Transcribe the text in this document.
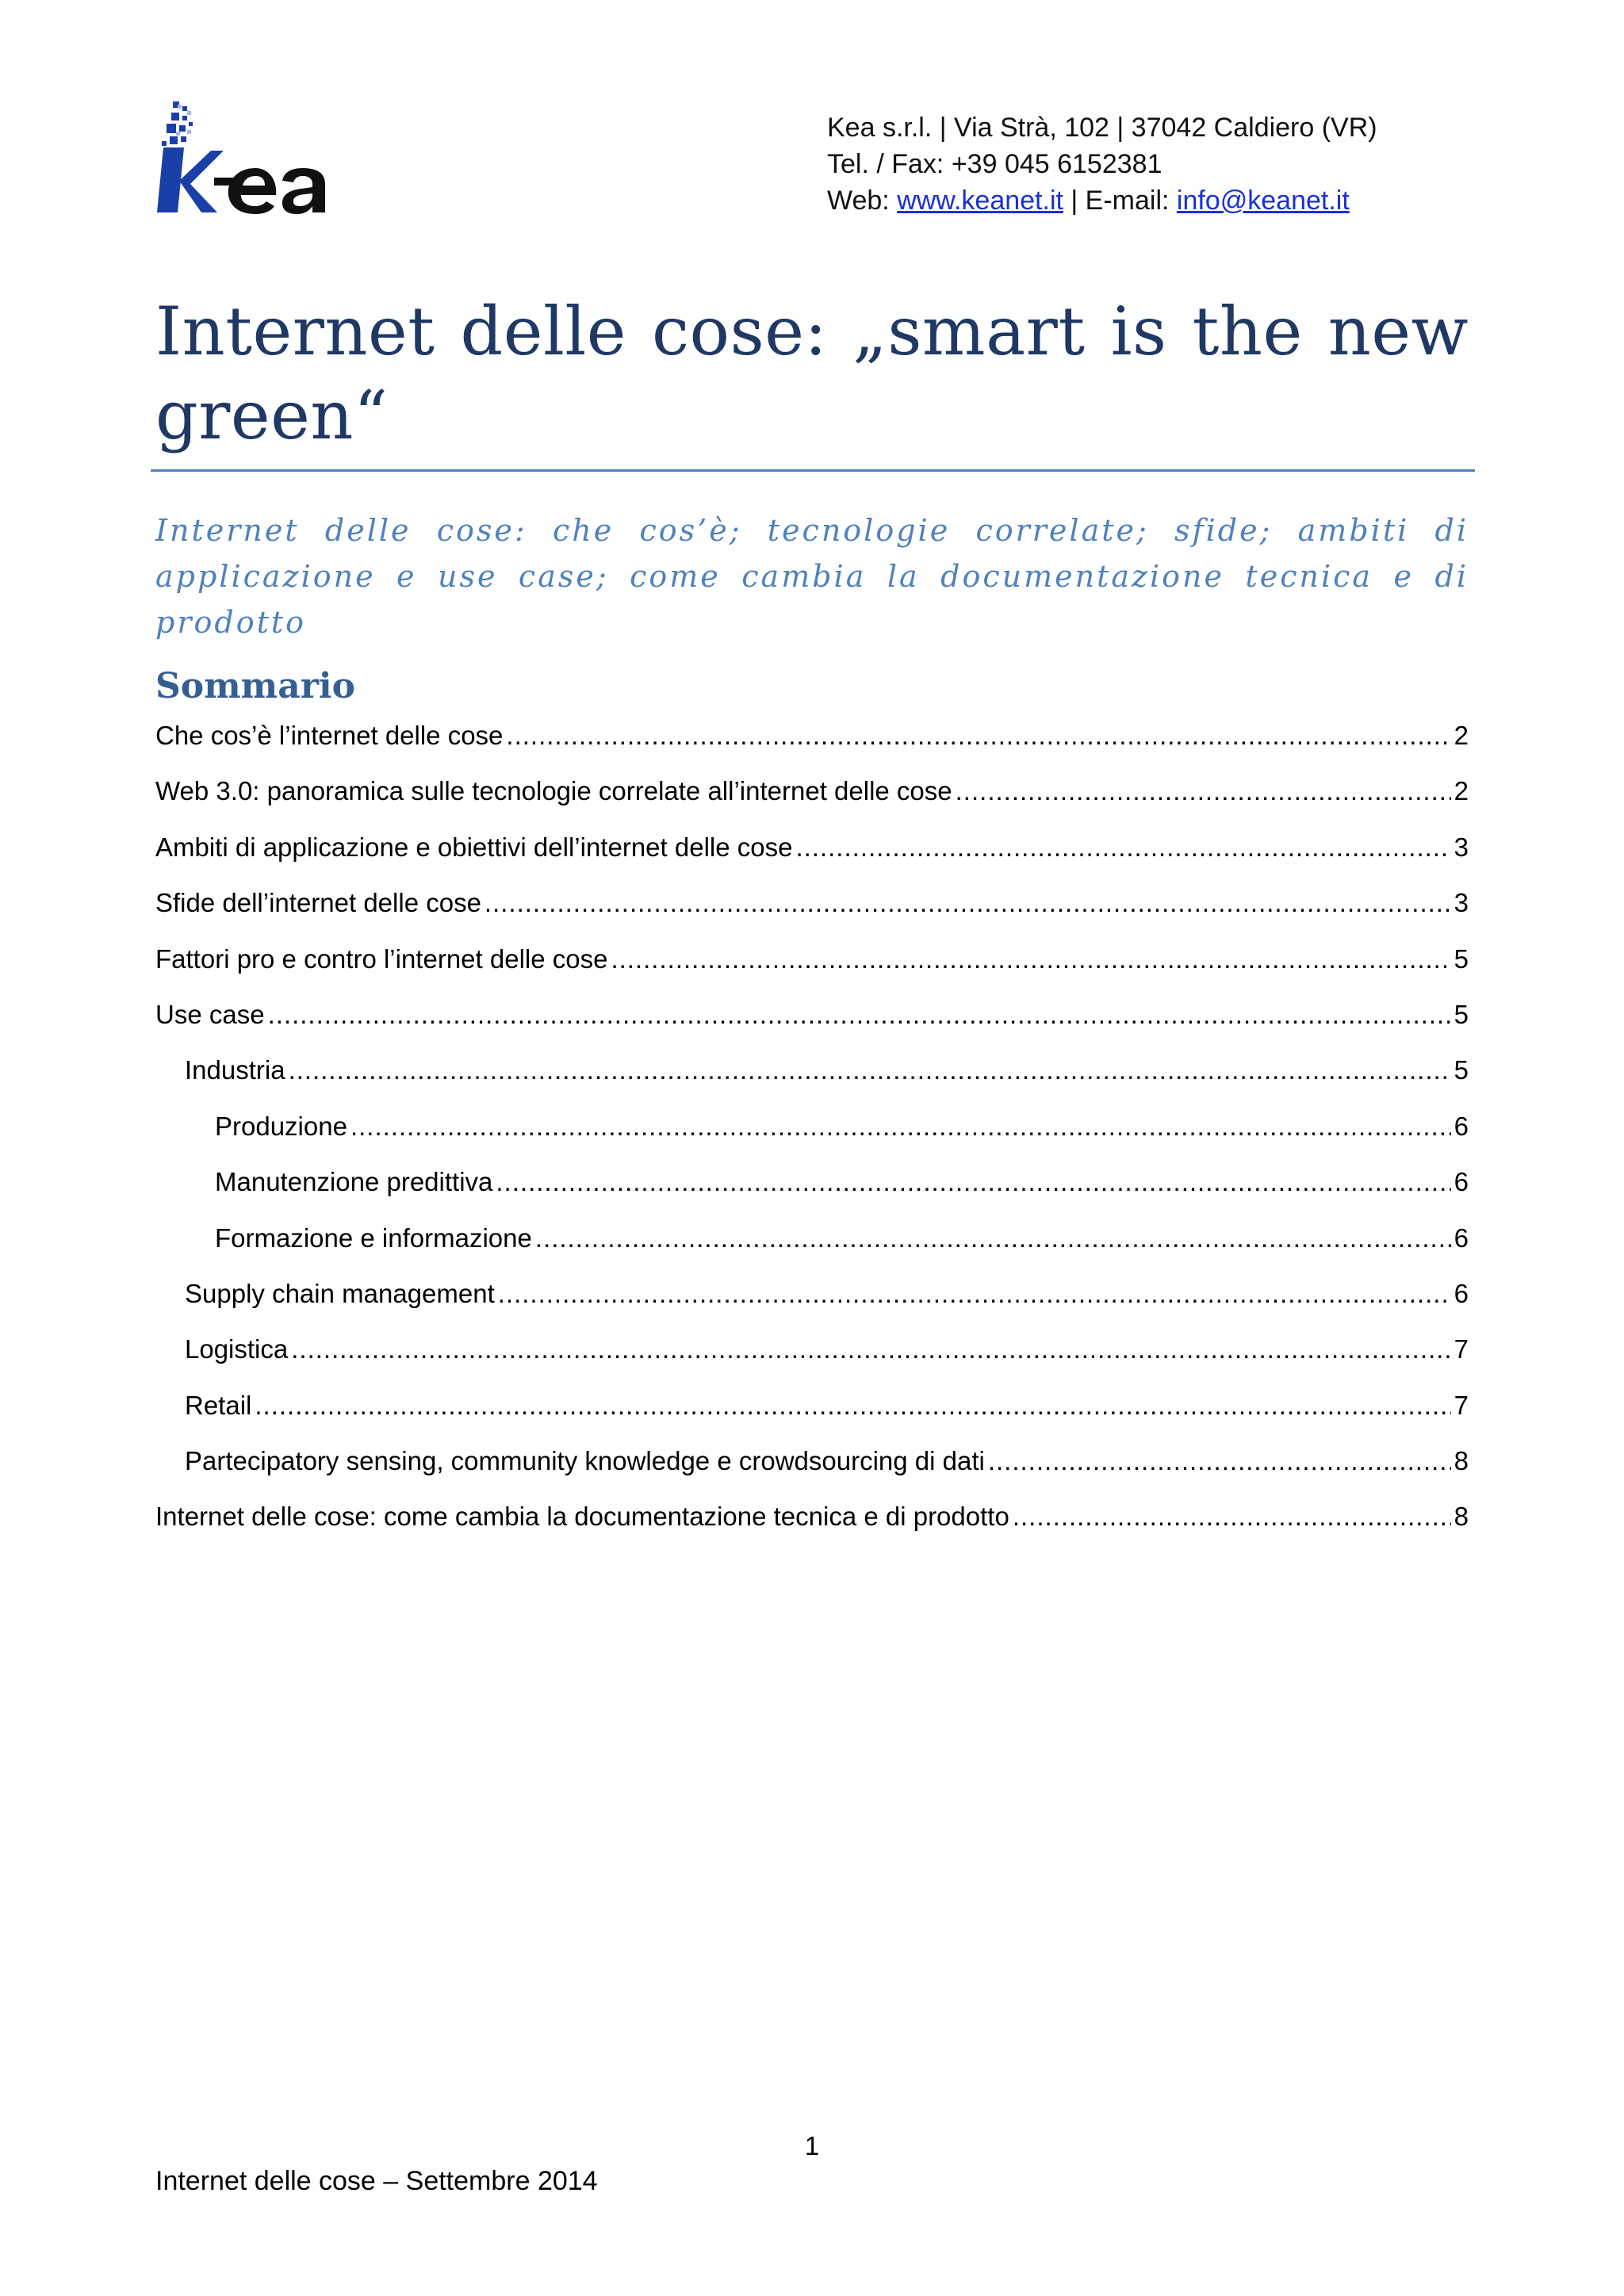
Kea s.r.l. | Via Strà, 102 | 37042 Caldiero (VR)
Tel. / Fax: +39 045 6152381
Web: www.keanet.it | E-mail: info@keanet.it
Internet delle cose: „smart is the new green“

Internet delle cose: che cos’è; tecnologie correlate; sfide; ambiti di applicazione e use case; come cambia la documentazione tecnica e di prodotto

Sommario
Che cos’è l’internet delle cose .....	2
Web 3.0: panoramica sulle tecnologie correlate all’internet delle cose .....	2
Ambiti di applicazione e obiettivi dell’internet delle cose .....	3
Sfide dell’internet delle cose .....	3
Fattori pro e contro l’internet delle cose .....	5
Use case .....	5
Industria .....	5
Produzione .....	6
Manutenzione predittiva .....	6
Formazione e informazione .....	6
Supply chain management .....	6
Logistica .....	7
Retail .....	7
Partecipatory sensing, community knowledge e crowdsourcing di dati .....	8
Internet delle cose: come cambia la documentazione tecnica e di prodotto .....	8
1
Internet delle cose – Settembre 2014
